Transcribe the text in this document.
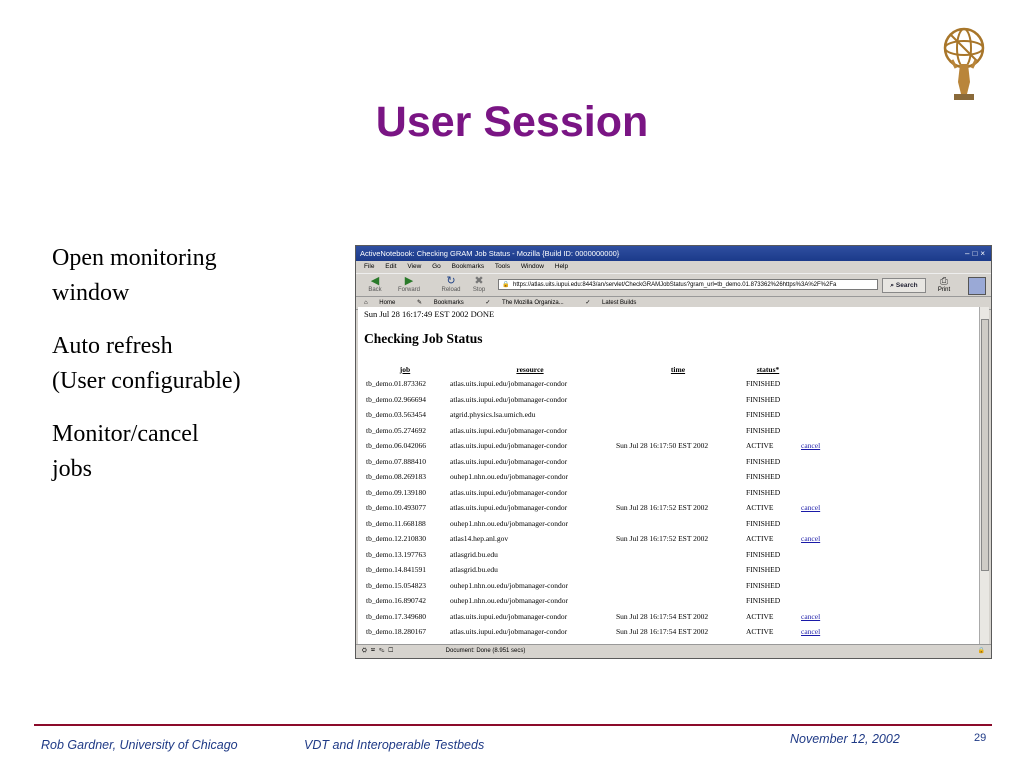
User Session

Open monitoring
window

Auto refresh
(User configurable)

Monitor/cancel
jobs

ActiveNotebook: Checking GRAM Job Status - Mozilla {Build ID: 0000000000}	–□×
File Edit View Go Bookmarks Tools Window Help
◀
Back
▶
Forward
↻
Reload
✖
Stop
🔒 https://atlas.uits.iupui.edu:8443/an/servlet/CheckGRAMJobStatus?gram_url=tb_demo.01.873362%26https%3A%2F%2Fa	⌕ Search	⎙
Print
⌂ Home	✎ Bookmarks	✓ The Mozilla Organiza...	✓ Latest Builds
Sun Jul 28 16:17:49 EST 2002 DONE
Checking Job Status
job	resource	time	status*	
tb_demo.01.873362	atlas.uits.iupui.edu/jobmanager-condor		FINISHED	
tb_demo.02.966694	atlas.uits.iupui.edu/jobmanager-condor		FINISHED	
tb_demo.03.563454	atgrid.physics.lsa.umich.edu		FINISHED	
tb_demo.05.274692	atlas.uits.iupui.edu/jobmanager-condor		FINISHED	
tb_demo.06.042066	atlas.uits.iupui.edu/jobmanager-condor	Sun Jul 28 16:17:50 EST 2002	ACTIVE	cancel
tb_demo.07.888410	atlas.uits.iupui.edu/jobmanager-condor		FINISHED	
tb_demo.08.269183	ouhep1.nhn.ou.edu/jobmanager-condor		FINISHED	
tb_demo.09.139180	atlas.uits.iupui.edu/jobmanager-condor		FINISHED	
tb_demo.10.493077	atlas.uits.iupui.edu/jobmanager-condor	Sun Jul 28 16:17:52 EST 2002	ACTIVE	cancel
tb_demo.11.668188	ouhep1.nhn.ou.edu/jobmanager-condor		FINISHED	
tb_demo.12.210830	atlas14.hep.anl.gov	Sun Jul 28 16:17:52 EST 2002	ACTIVE	cancel
tb_demo.13.197763	atlasgrid.bu.edu		FINISHED	
tb_demo.14.841591	atlasgrid.bu.edu		FINISHED	
tb_demo.15.054823	ouhep1.nhn.ou.edu/jobmanager-condor		FINISHED	
tb_demo.16.890742	ouhep1.nhn.ou.edu/jobmanager-condor		FINISHED	
tb_demo.17.349680	atlas.uits.iupui.edu/jobmanager-condor	Sun Jul 28 16:17:54 EST 2002	ACTIVE	cancel
tb_demo.18.280167	atlas.uits.iupui.edu/jobmanager-condor	Sun Jul 28 16:17:54 EST 2002	ACTIVE	cancel
⛭✉✎☐	Document: Done (8.951 secs)	🔒
Rob Gardner, University of Chicago	VDT and Interoperable Testbeds	November 12, 2002	29
